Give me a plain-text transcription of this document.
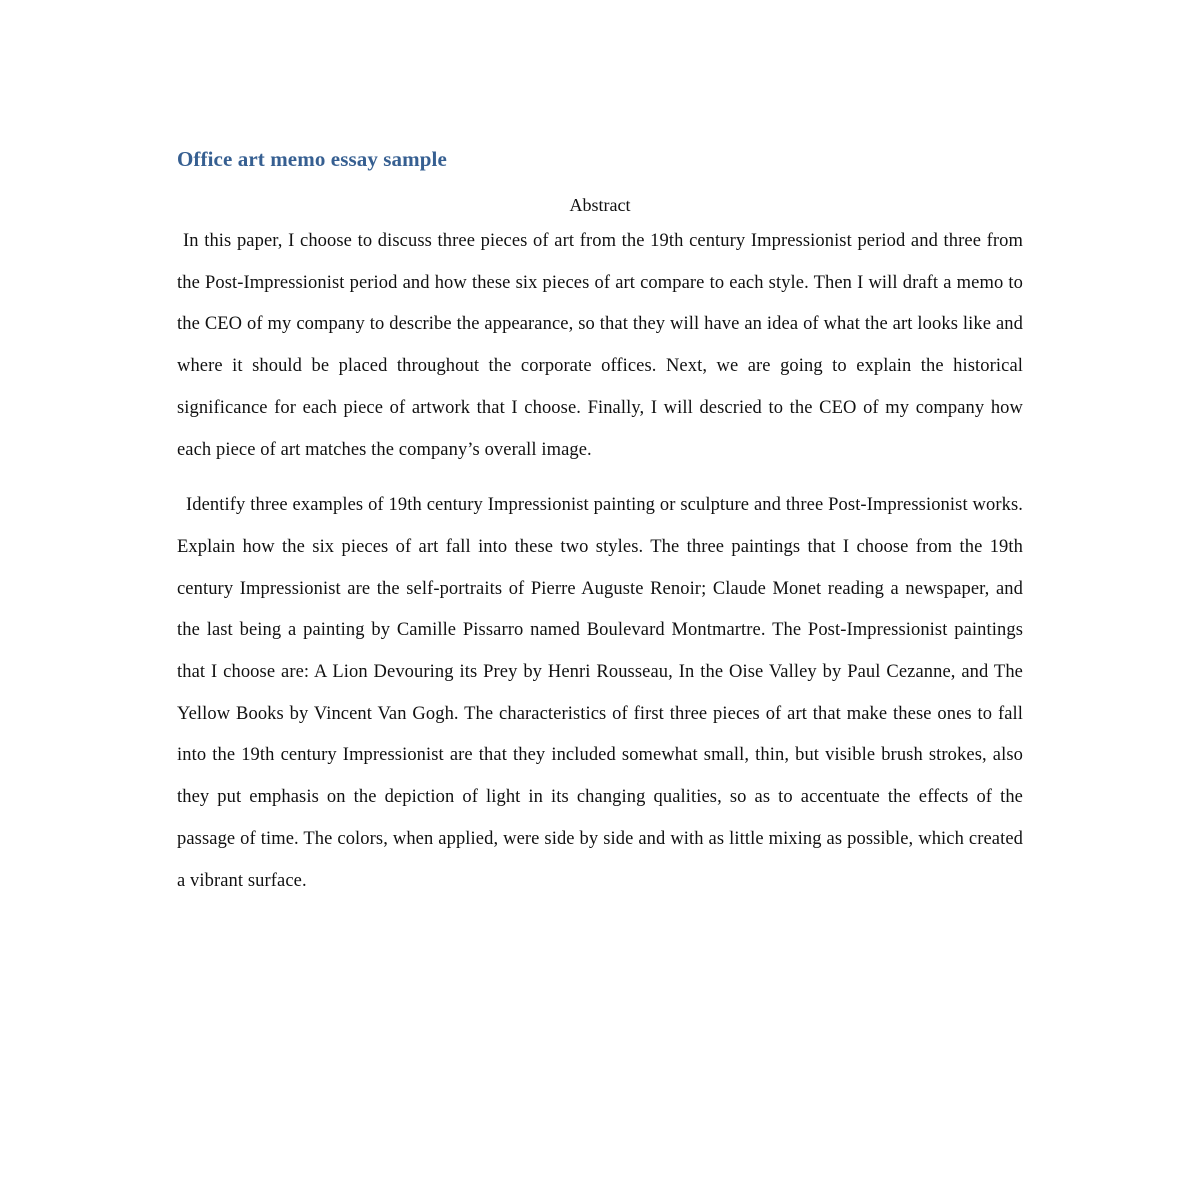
Office art memo essay sample
Abstract

In this paper, I choose to discuss three pieces of art from the 19th century Impressionist period and three from the Post-Impressionist period and how these six pieces of art compare to each style. Then I will draft a memo to the CEO of my company to describe the appearance, so that they will have an idea of what the art looks like and where it should be placed throughout the corporate offices. Next, we are going to explain the historical significance for each piece of artwork that I choose. Finally, I will descried to the CEO of my company how each piece of art matches the company’s overall image.

Identify three examples of 19th century Impressionist painting or sculpture and three Post-Impressionist works. Explain how the six pieces of art fall into these two styles. The three paintings that I choose from the 19th century Impressionist are the self-portraits of Pierre Auguste Renoir; Claude Monet reading a newspaper, and the last being a painting by Camille Pissarro named Boulevard Montmartre. The Post-Impressionist paintings that I choose are: A Lion Devouring its Prey by Henri Rousseau, In the Oise Valley by Paul Cezanne, and The Yellow Books by Vincent Van Gogh. The characteristics of first three pieces of art that make these ones to fall into the 19th century Impressionist are that they included somewhat small, thin, but visible brush strokes, also they put emphasis on the depiction of light in its changing qualities, so as to accentuate the effects of the passage of time. The colors, when applied, were side by side and with as little mixing as possible, which created a vibrant surface.
